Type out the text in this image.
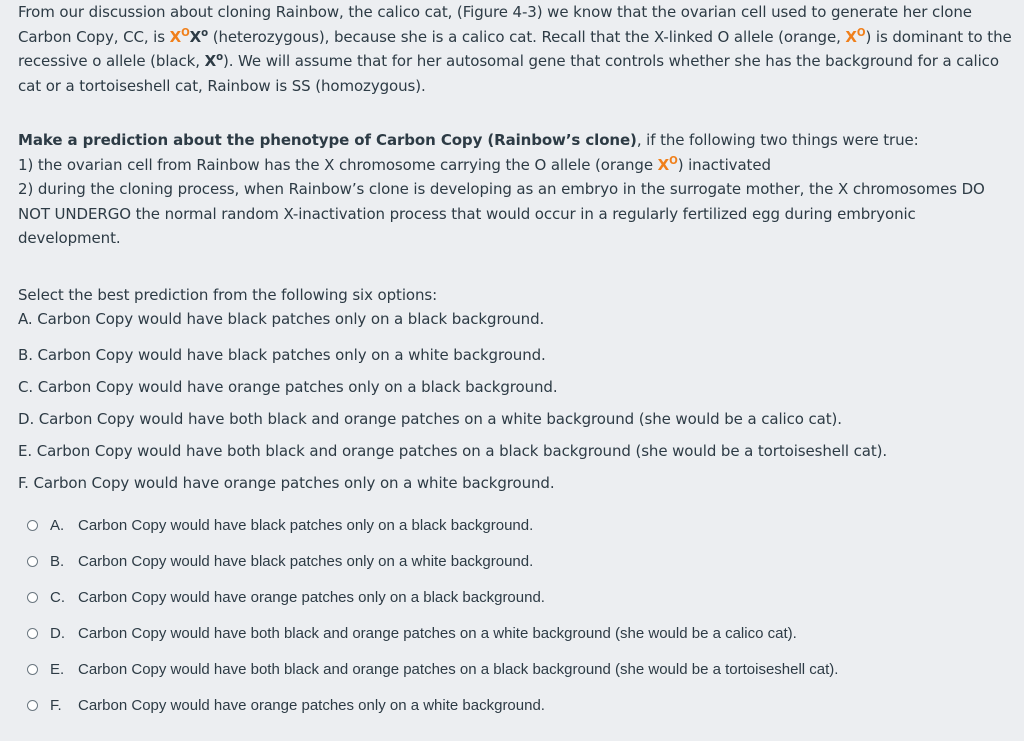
From our discussion about cloning Rainbow, the calico cat, (Figure 4-3) we know that the ovarian cell used to generate her clone Carbon Copy, CC, is $X^OX^o$ (heterozygous), because she is a calico cat. Recall that the X-linked O allele (orange, $X^O$) is dominant to the recessive o allele (black, $X^o$). We will assume that for her autosomal gene that controls whether she has the background for a calico cat or a tortoiseshell cat, Rainbow is SS (homozygous).
Make a prediction about the phenotype of Carbon Copy (Rainbow’s clone), if the following two things were true:
1) the ovarian cell from Rainbow has the X chromosome carrying the O allele (orange $X^O$) inactivated
2) during the cloning process, when Rainbow’s clone is developing as an embryo in the surrogate mother, the X chromosomes DO NOT UNDERGO the normal random X-inactivation process that would occur in a regularly fertilized egg during embryonic development.
Select the best prediction from the following six options:
A. Carbon Copy would have black patches only on a black background.
B. Carbon Copy would have black patches only on a white background.
C. Carbon Copy would have orange patches only on a black background.
D. Carbon Copy would have both black and orange patches on a white background (she would be a calico cat).
E. Carbon Copy would have both black and orange patches on a black background (she would be a tortoiseshell cat).
F. Carbon Copy would have orange patches only on a white background.
A. Carbon Copy would have black patches only on a black background.
B. Carbon Copy would have black patches only on a white background.
C. Carbon Copy would have orange patches only on a black background.
D. Carbon Copy would have both black and orange patches on a white background (she would be a calico cat).
E. Carbon Copy would have both black and orange patches on a black background (she would be a tortoiseshell cat).
F.	Carbon Copy would have orange patches only on a white background.
